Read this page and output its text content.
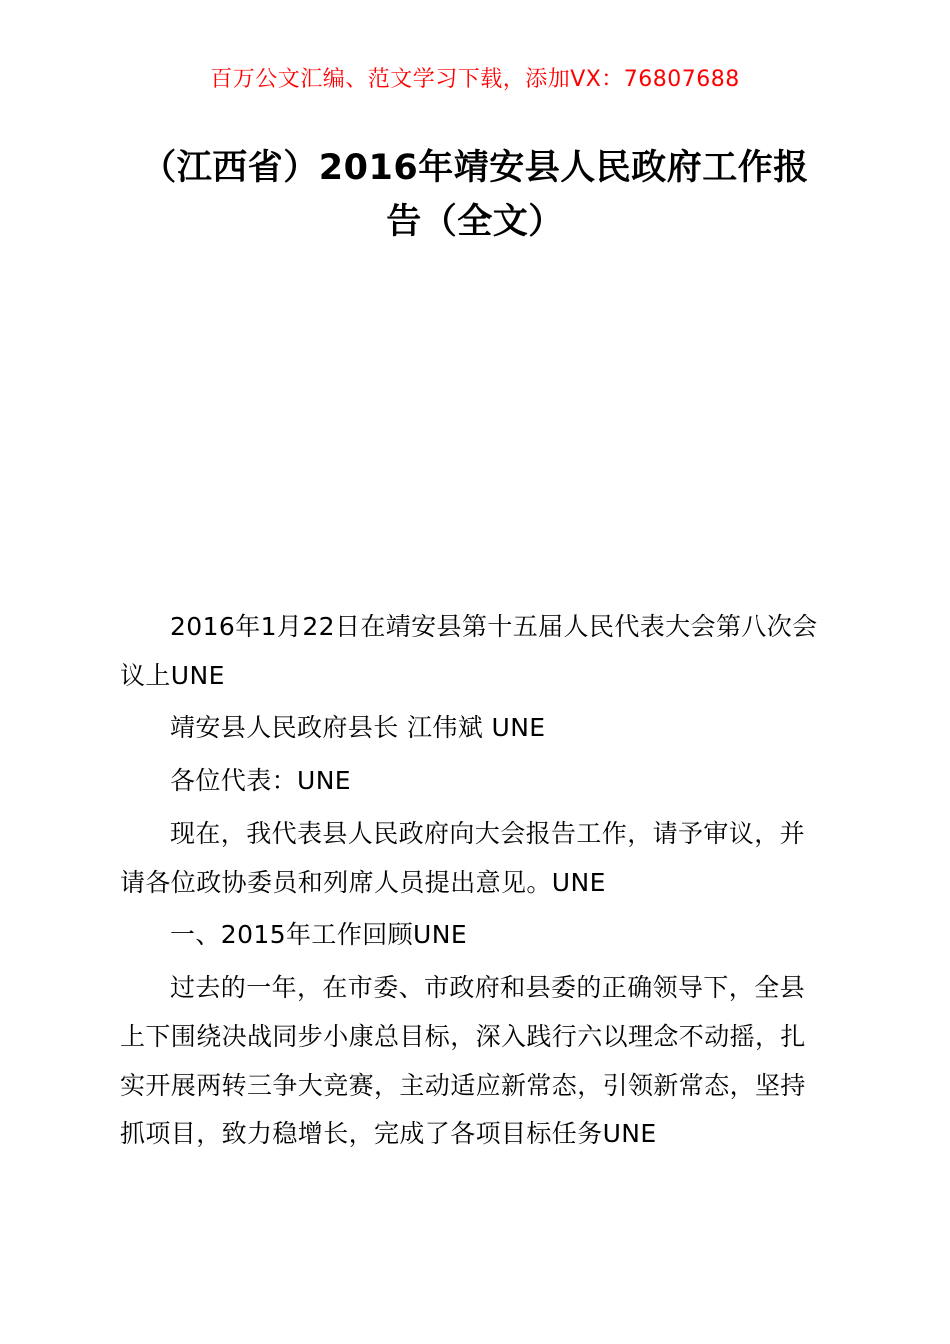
百万公文汇编、范文学习下载，添加VX：76807688
（江西省）2016年靖安县人民政府工作报告（全文）

2016年1月22日在靖安县第十五届人民代表大会第八次会议上UNE

靖安县人民政府县长 江伟斌 UNE

各位代表：UNE

现在，我代表县人民政府向大会报告工作，请予审议，并请各位政协委员和列席人员提出意见。UNE

一、2015年工作回顾UNE

过去的一年，在市委、市政府和县委的正确领导下，全县上下围绕决战同步小康总目标，深入践行六以理念不动摇，扎实开展两转三争大竞赛，主动适应新常态，引领新常态，坚持抓项目，致力稳增长，完成了各项目标任务UNE
